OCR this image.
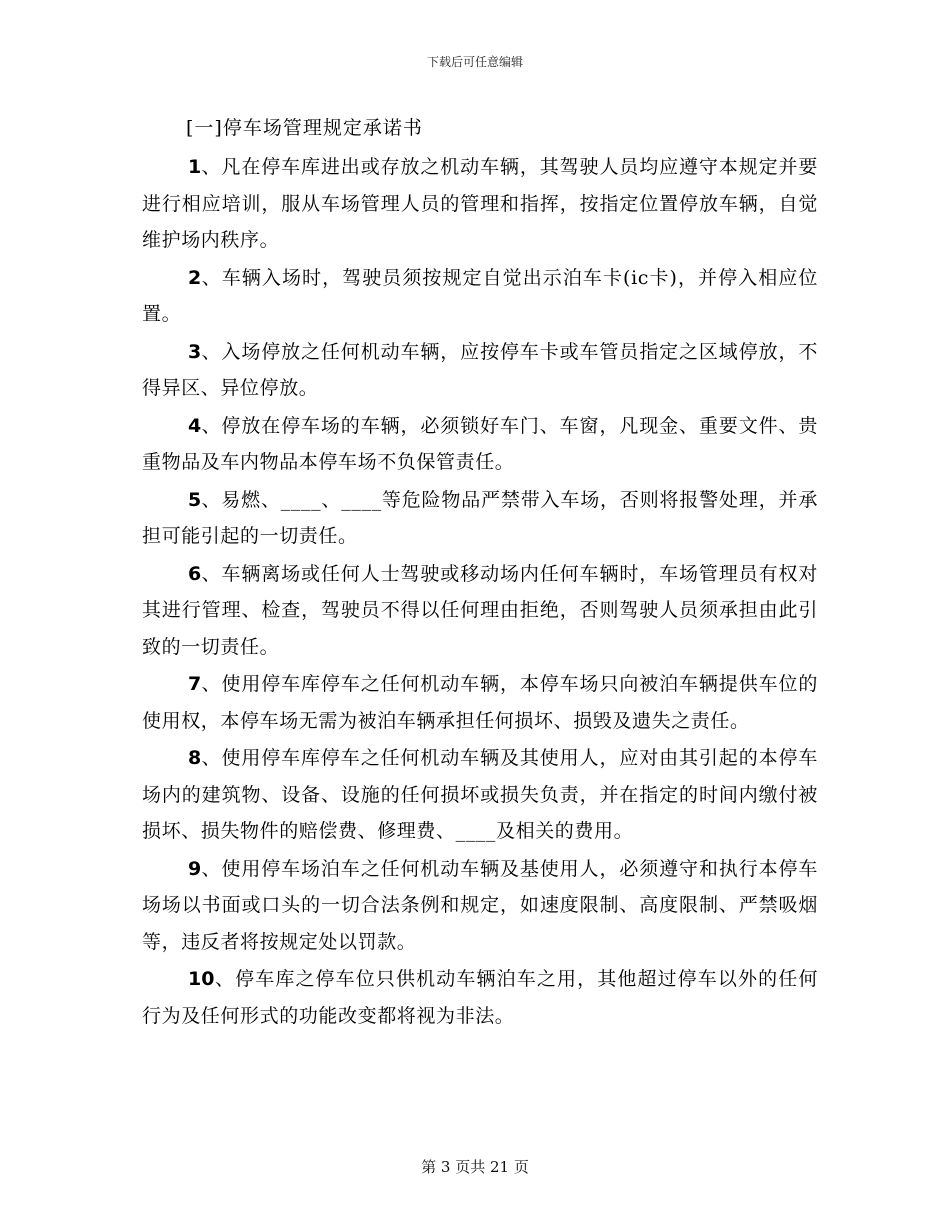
下载后可任意编辑
[一]停车场管理规定承诺书

1、凡在停车库进出或存放之机动车辆，其驾驶人员均应遵守本规定并要进行相应培训，服从车场管理人员的管理和指挥，按指定位置停放车辆，自觉维护场内秩序。

2、车辆入场时，驾驶员须按规定自觉出示泊车卡(ic卡)，并停入相应位置。

3、入场停放之任何机动车辆，应按停车卡或车管员指定之区域停放，不得异区、异位停放。

4、停放在停车场的车辆，必须锁好车门、车窗，凡现金、重要文件、贵重物品及车内物品本停车场不负保管责任。

5、易燃、____、____等危险物品严禁带入车场，否则将报警处理，并承担可能引起的一切责任。

6、车辆离场或任何人士驾驶或移动场内任何车辆时，车场管理员有权对其进行管理、检查，驾驶员不得以任何理由拒绝，否则驾驶人员须承担由此引致的一切责任。

7、使用停车库停车之任何机动车辆，本停车场只向被泊车辆提供车位的使用权，本停车场无需为被泊车辆承担任何损坏、损毁及遗失之责任。

8、使用停车库停车之任何机动车辆及其使用人，应对由其引起的本停车场内的建筑物、设备、设施的任何损坏或损失负责，并在指定的时间内缴付被损坏、损失物件的赔偿费、修理费、____及相关的费用。

9、使用停车场泊车之任何机动车辆及基使用人，必须遵守和执行本停车场场以书面或口头的一切合法条例和规定，如速度限制、高度限制、严禁吸烟等，违反者将按规定处以罚款。

10、停车库之停车位只供机动车辆泊车之用，其他超过停车以外的任何行为及任何形式的功能改变都将视为非法。

第 3 页共 21 页
